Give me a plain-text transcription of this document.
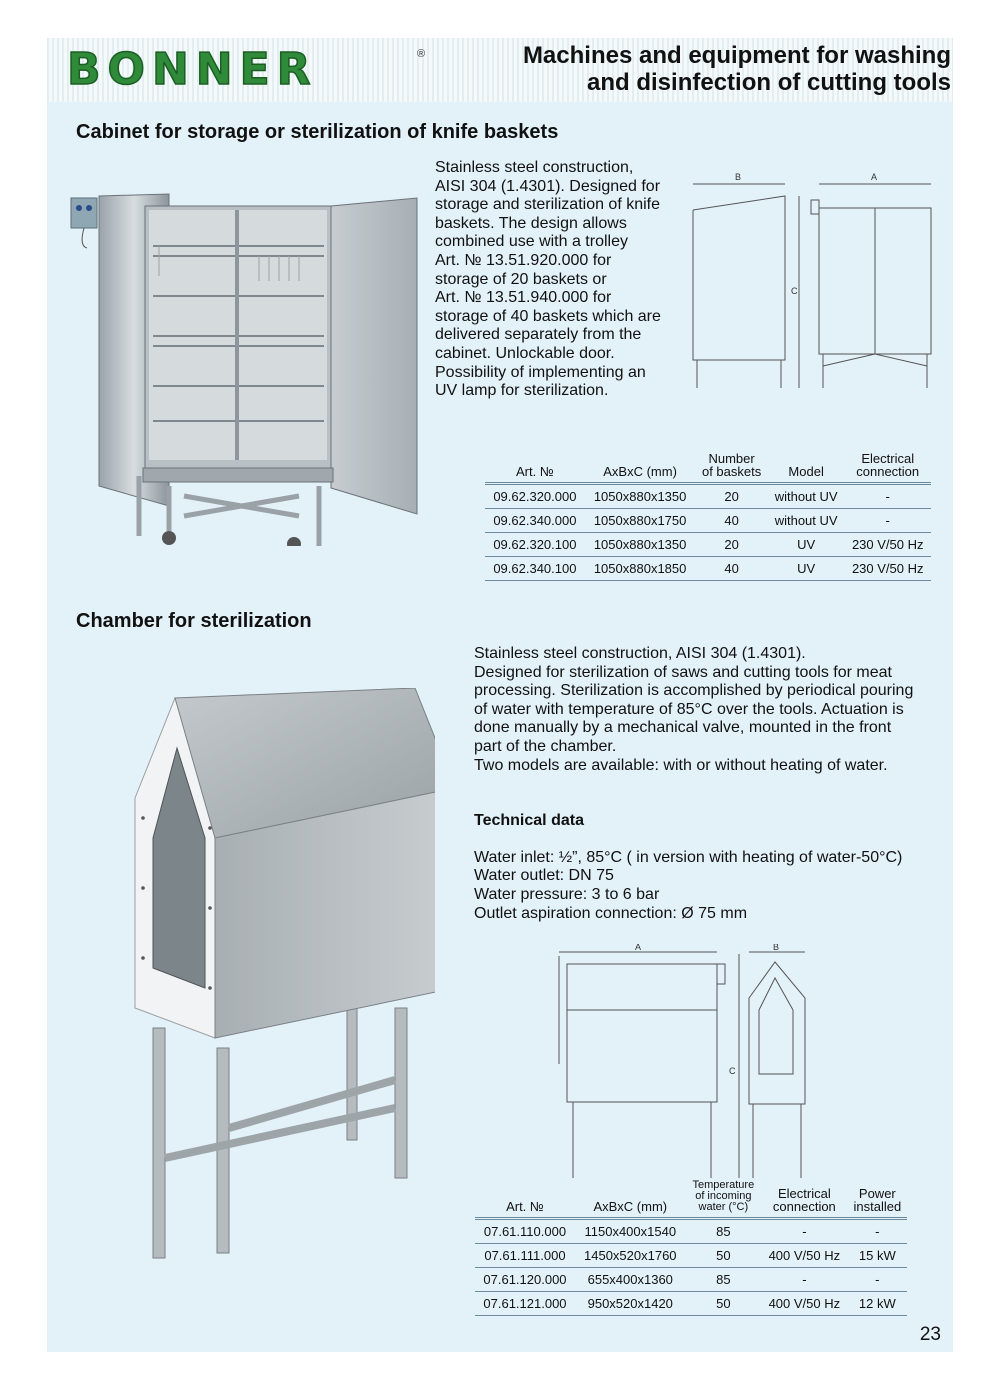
BONNER	®	Machines and equipment for washing
and disinfection of cutting tools
Cabinet for storage or sterilization of knife baskets
Stainless steel construction,
AISI 304 (1.4301). Designed for
storage and sterilization of knife
baskets. The design allows
combined use with a trolley
Art. № 13.51.920.000 for
storage of 20 baskets or
Art. № 13.51.940.000 for
storage of 40 baskets which are
delivered separately from the
cabinet. Unlockable door.
Possibility of implementing an
UV lamp for sterilization.
B	A
C
Art. №	AxBxC (mm)	Number
of baskets	Model	Electrical
connection
09.62.320.000	1050x880x1350	20	without UV	-
09.62.340.000	1050x880x1750	40	without UV	-
09.62.320.100	1050x880x1350	20	UV	230 V/50 Hz
09.62.340.100	1050x880x1850	40	UV	230 V/50 Hz
Chamber for sterilization
Stainless steel construction, AISI 304 (1.4301).
Designed for sterilization of saws and cutting tools for meat
processing. Sterilization is accomplished by periodical pouring
of water with temperature of 85°C over the tools. Actuation is
done manually by a mechanical valve, mounted in the front
part of the chamber.
Two models are available: with or without heating of water.

Technical data

Water inlet: ½”, 85°C ( in version with heating of water-50°C)
Water outlet: DN 75
Water pressure: 3 to 6 bar
Outlet aspiration connection: Ø 75 mm

A	B
C
Art. №	AxBxC (mm)	Temperature
of incoming
water (°C)	Electrical
connection	Power
installed
07.61.110.000	1150x400x1540	85	-	-
07.61.111.000	1450x520x1760	50	400 V/50 Hz	15 kW
07.61.120.000	655x400x1360	85	-	-
07.61.121.000	950x520x1420	50	400 V/50 Hz	12 kW
23
